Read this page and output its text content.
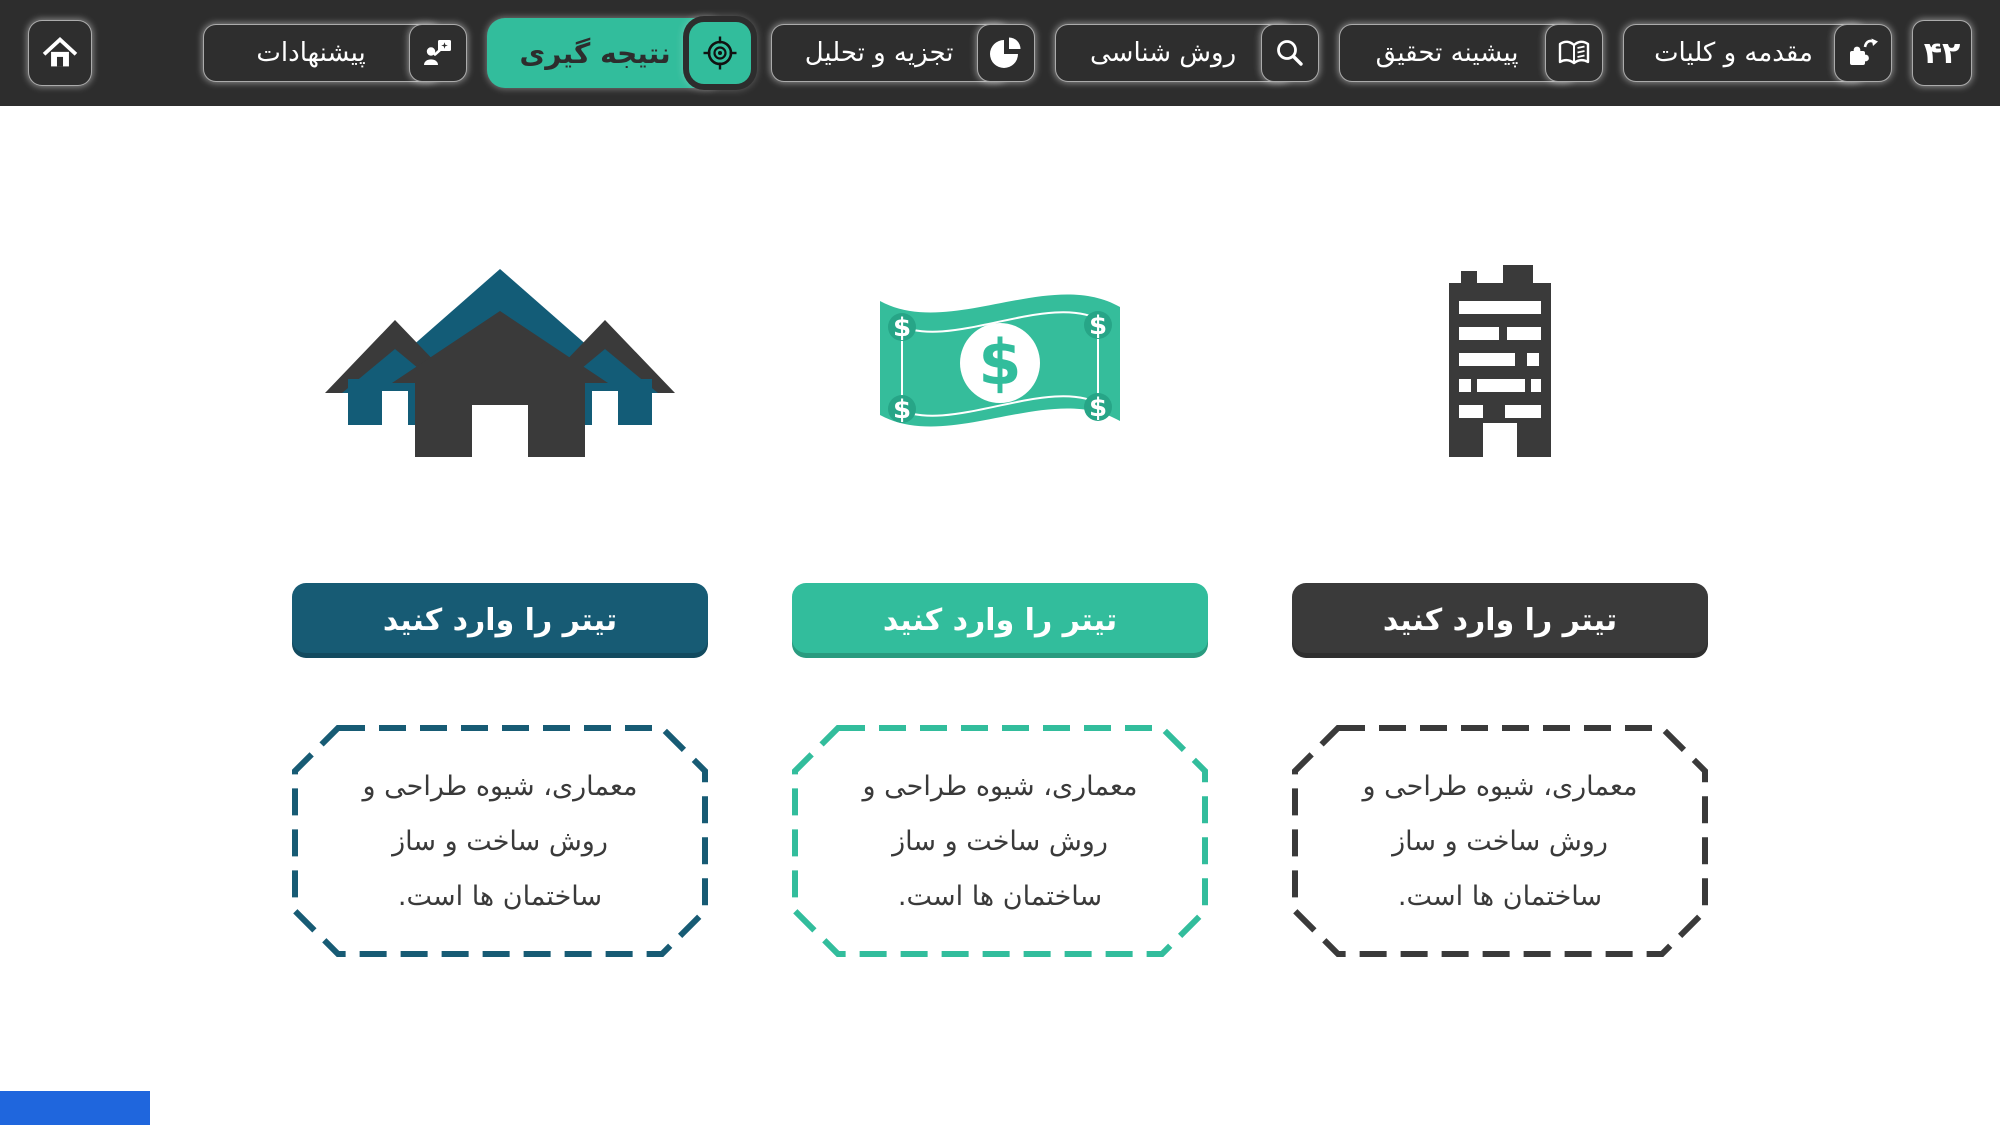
۴۲
مقدمه و کلیات
پیشینه تحقیق
روش شناسی
تجزیه و تحلیل
نتیجه گیری
پیشنهادات
تیتر را وارد کنید
معماری، شیوه طراحی و
روش ساخت و ساز
ساختمان ها است.
$	$
$	$
$
تیتر را وارد کنید
معماری، شیوه طراحی و
روش ساخت و ساز
ساختمان ها است.
تیتر را وارد کنید
معماری، شیوه طراحی و
روش ساخت و ساز
ساختمان ها است.
